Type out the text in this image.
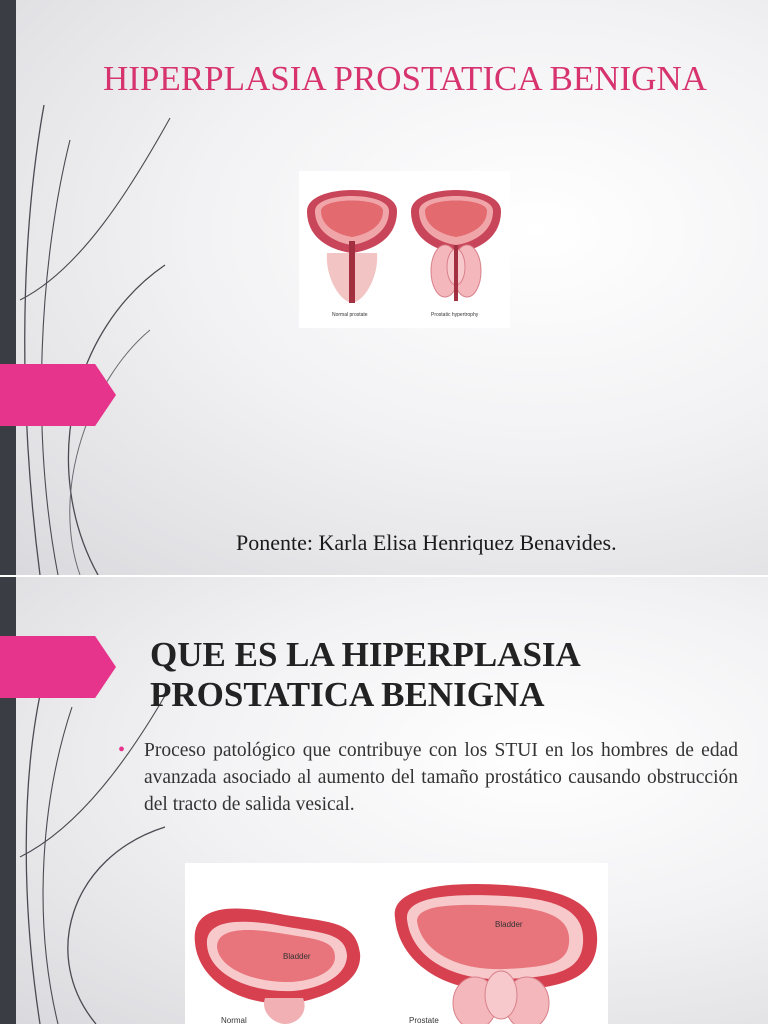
HIPERPLASIA PROSTATICA BENIGNA
Normal prostate	Prostatic hypertrophy
Ponente: Karla Elisa Henriquez Benavides.
QUE ES LA HIPERPLASIA PROSTATICA BENIGNA
• Proceso patológico que contribuye con los STUI en los hombres de edad avanzada asociado al aumento del tamaño prostático causando obstrucción del tracto de salida vesical.

Bladder
Normal
Bladder
Prostate
